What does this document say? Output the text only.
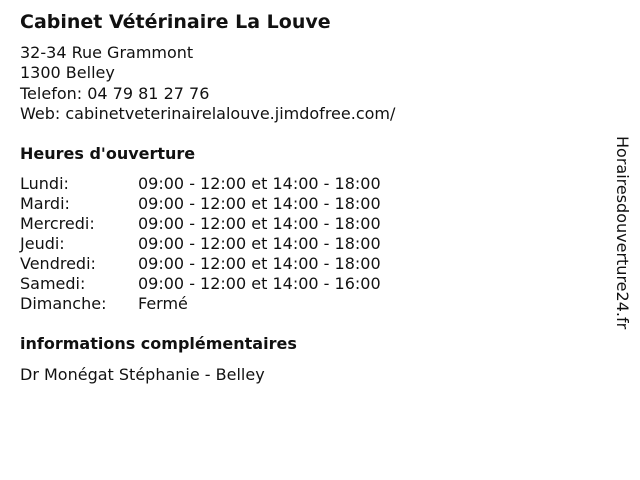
Cabinet Vétérinaire La Louve
32-34 Rue Grammont
1300 Belley
Telefon: 04 79 81 27 76
Web: cabinetveterinairelalouve.jimdofree.com/
Heures d'ouverture
Lundi:	09:00 - 12:00 et 14:00 - 18:00
Mardi:	09:00 - 12:00 et 14:00 - 18:00
Mercredi:	09:00 - 12:00 et 14:00 - 18:00
Jeudi:	09:00 - 12:00 et 14:00 - 18:00
Vendredi:	09:00 - 12:00 et 14:00 - 18:00
Samedi:	09:00 - 12:00 et 14:00 - 16:00
Dimanche: Fermé
informations complémentaires
Dr Monégat Stéphanie - Belley
Horairesdouverture24.fr
